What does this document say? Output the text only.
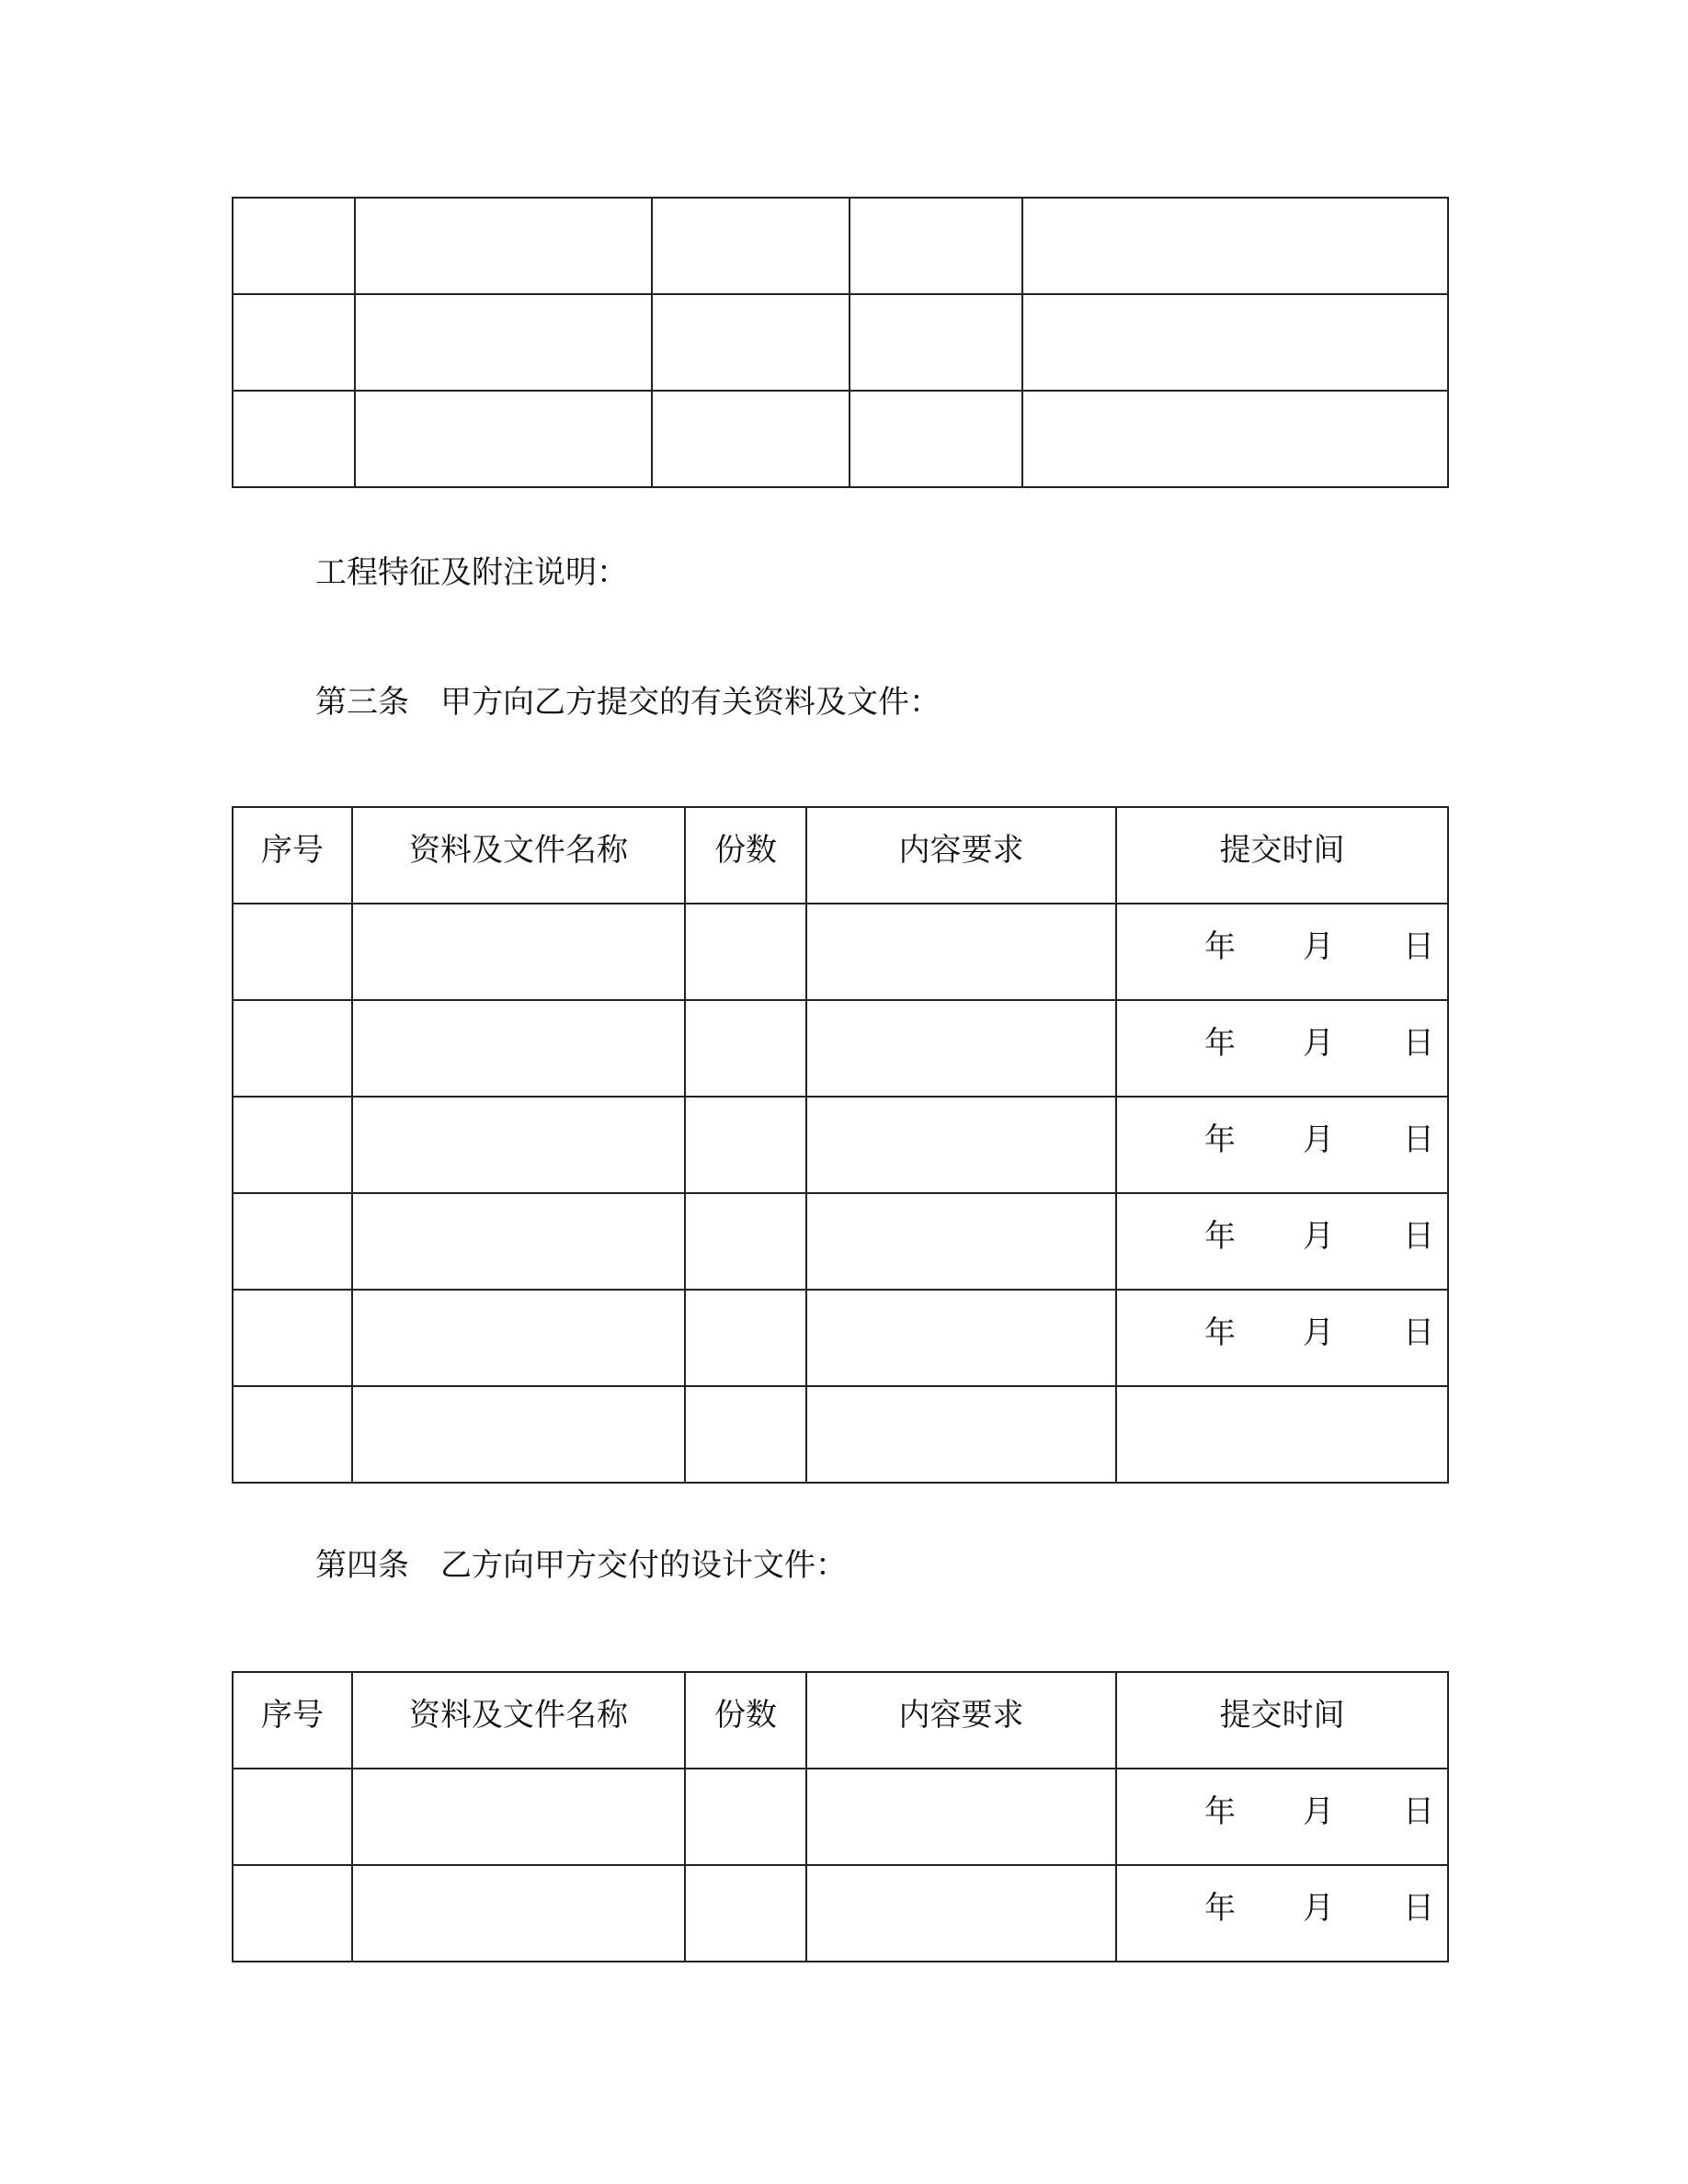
工程特征及附注说明：
第三条　甲方向乙方提交的有关资料及文件：
序号	资料及文件名称	份数	内容要求	提交时间

				年 月 日

				年 月 日

				年 月 日

				年 月 日

				年 月 日

第四条　乙方向甲方交付的设计文件：
序号	资料及文件名称	份数	内容要求	提交时间

				年 月 日

				年 月 日
